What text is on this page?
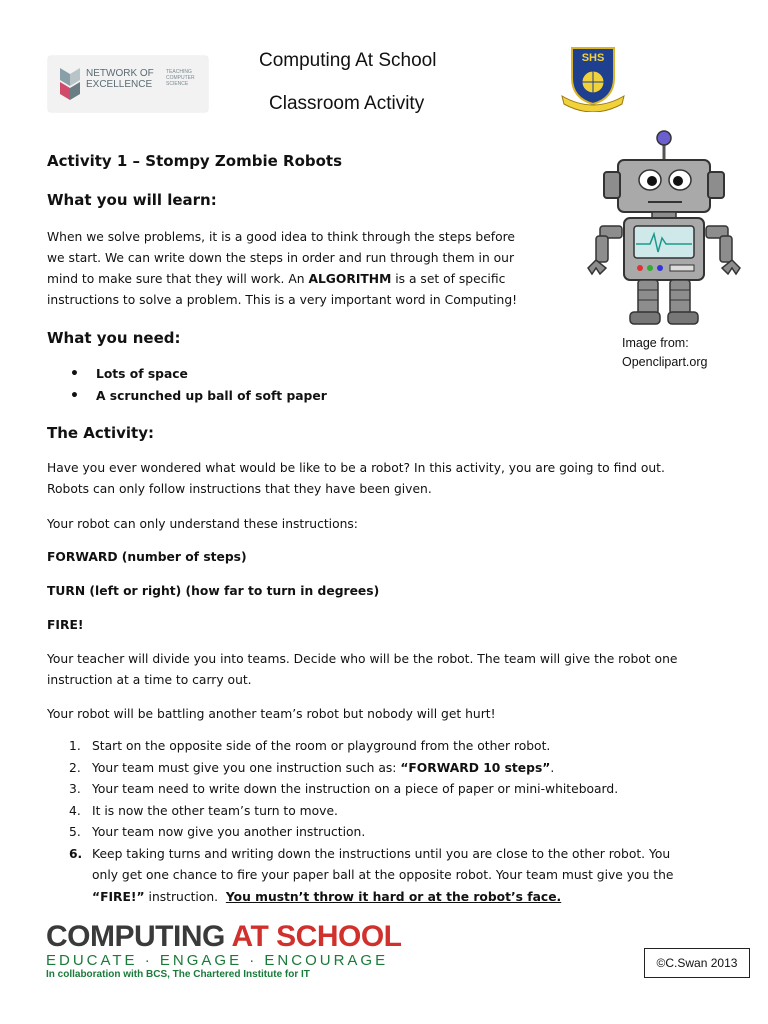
NETWORK OF EXCELLENCE
TEACHING COMPUTER SCIENCE
Computing At School
Classroom Activity
SHS
Activity 1 – Stompy Zombie Robots
What you will learn:
When we solve problems, it is a good idea to think through the steps before
we start. We can write down the steps in order and run through them in our
mind to make sure that they will work. An ALGORITHM is a set of specific
instructions to solve a problem. This is a very important word in Computing!
Image from:
Openclipart.org
What you need:
• Lots of space
• A scrunched up ball of soft paper
The Activity:
Have you ever wondered what would be like to be a robot? In this activity, you are going to find out.
Robots can only follow instructions that they have been given.
Your robot can only understand these instructions:
FORWARD (number of steps)
TURN (left or right) (how far to turn in degrees)
FIRE!
Your teacher will divide you into teams. Decide who will be the robot. The team will give the robot one
instruction at a time to carry out.
Your robot will be battling another team’s robot but nobody will get hurt!
1. Start on the opposite side of the room or playground from the other robot.
2. Your team must give you one instruction such as: “FORWARD 10 steps”.
3. Your team need to write down the instruction on a piece of paper or mini-whiteboard.
4. It is now the other team’s turn to move.
5. Your team now give you another instruction.
6. Keep taking turns and writing down the instructions until you are close to the other robot. You
only get one chance to fire your paper ball at the opposite robot. Your team must give you the
“FIRE!” instruction.  You mustn’t throw it hard or at the robot’s face.
COMPUTING AT SCHOOL
EDUCATE · ENGAGE · ENCOURAGE
In collaboration with BCS, The Chartered Institute for IT
©C.Swan 2013
